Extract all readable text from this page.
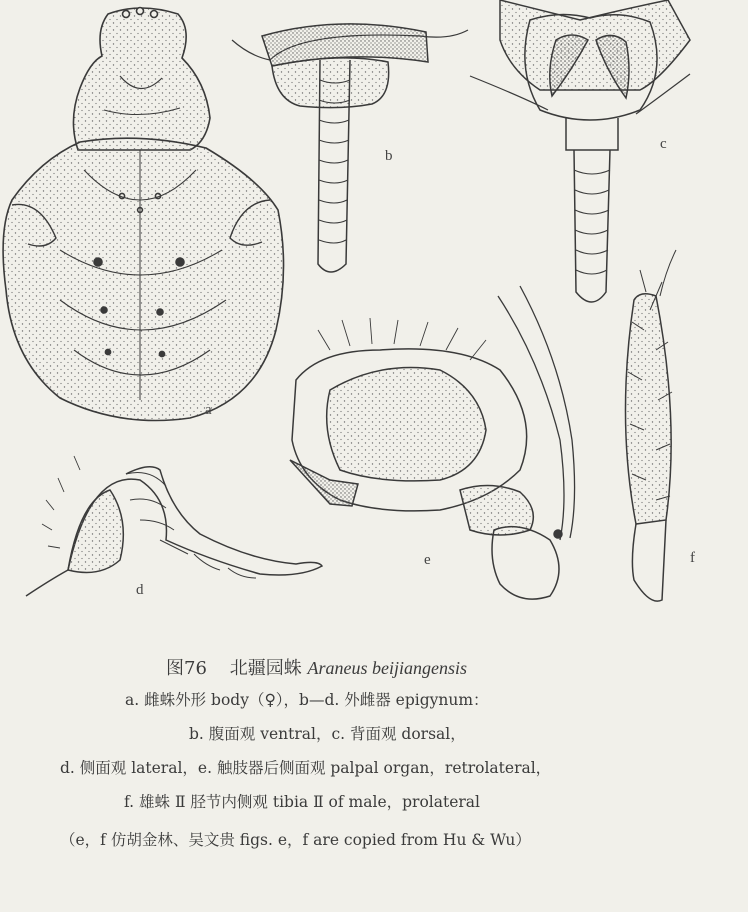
a
b
c
d
e	f
图76 北疆园蛛 Araneus beijiangensis
a. 雌蛛外形 body（♀），b—d. 外雌器 epigynum：
b. 腹面观 ventral，c. 背面观 dorsal，
d. 侧面观 lateral，e. 触肢器后侧面观 palpal organ，retrolateral，
f. 雄蛛 Ⅱ 胫节内侧观 tibia Ⅱ of male，prolateral
（e，f 仿胡金林、吴文贵 figs. e，f are copied from Hu & Wu）
